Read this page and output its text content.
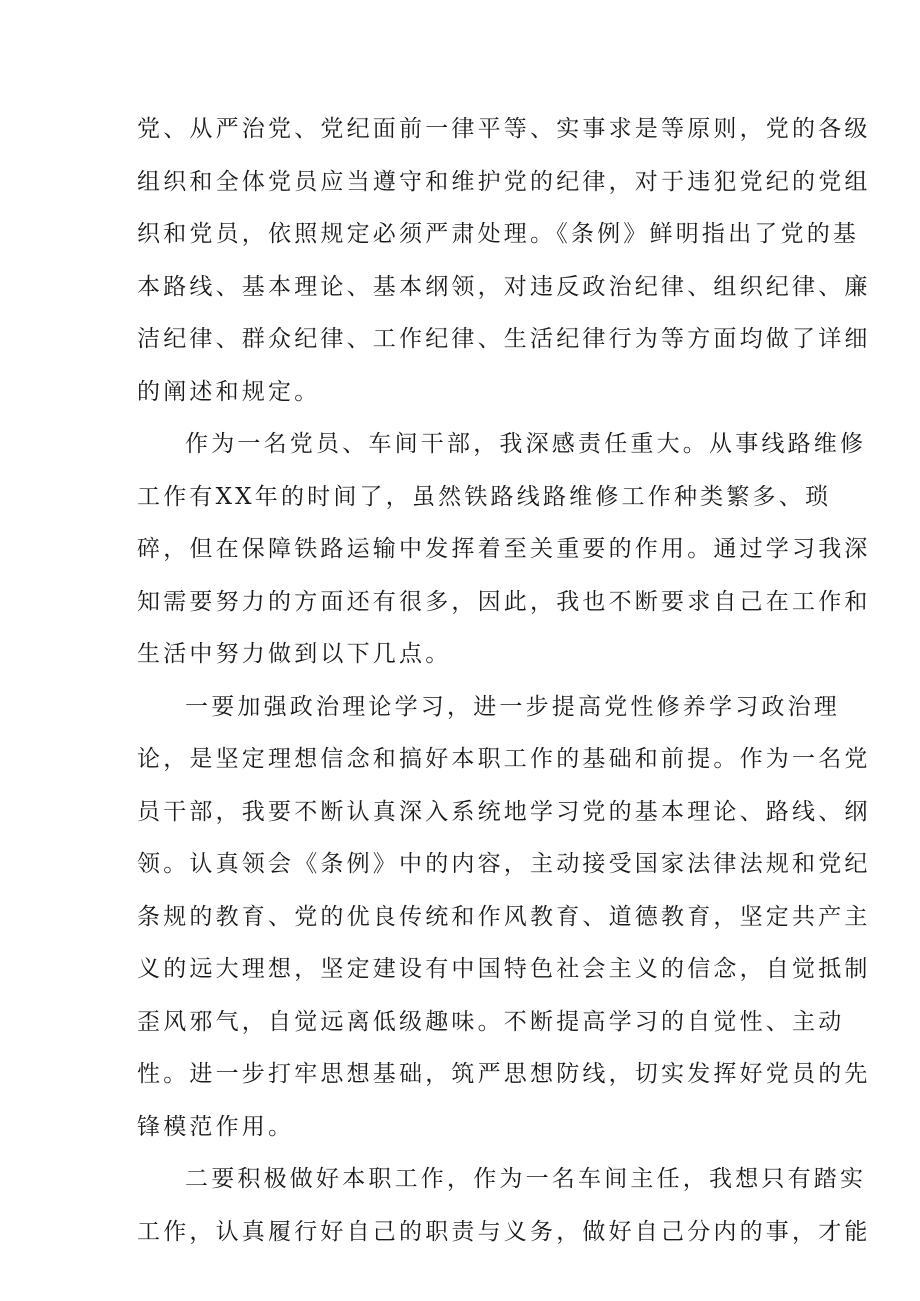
党、从严治党、党纪面前一律平等、实事求是等原则，党的各级
组织和全体党员应当遵守和维护党的纪律，对于违犯党纪的党组
织和党员，依照规定必须严肃处理。《条例》鲜明指出了党的基
本路线、基本理论、基本纲领，对违反政治纪律、组织纪律、廉
洁纪律、群众纪律、工作纪律、生活纪律行为等方面均做了详细
的阐述和规定。
作为一名党员、车间干部，我深感责任重大。从事线路维修
工作有XX年的时间了，虽然铁路线路维修工作种类繁多、琐
碎，但在保障铁路运输中发挥着至关重要的作用。通过学习我深
知需要努力的方面还有很多，因此，我也不断要求自己在工作和
生活中努力做到以下几点。
一要加强政治理论学习，进一步提高党性修养学习政治理
论，是坚定理想信念和搞好本职工作的基础和前提。作为一名党
员干部，我要不断认真深入系统地学习党的基本理论、路线、纲
领。认真领会《条例》中的内容，主动接受国家法律法规和党纪
条规的教育、党的优良传统和作风教育、道德教育，坚定共产主
义的远大理想，坚定建设有中国特色社会主义的信念，自觉抵制
歪风邪气，自觉远离低级趣味。不断提高学习的自觉性、主动
性。进一步打牢思想基础，筑严思想防线，切实发挥好党员的先
锋模范作用。
二要积极做好本职工作，作为一名车间主任，我想只有踏实
工作，认真履行好自己的职责与义务，做好自己分内的事，才能
